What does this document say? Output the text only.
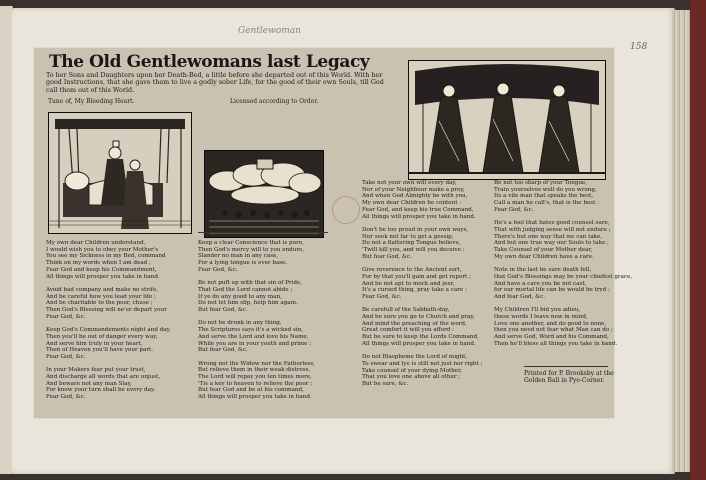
Gentlewoman
158
The Old Gentlewomans last Legacy
To her Sons and Daughters upon her Death-Bed, a little before she departed out of this World. With her good Instructions, that she gave them to live a godly sober Life, for the good of their own Souls, till God call them out of this World.
Tune of, My Bleeding Heart.	Licensed according to Order.
My own dear Children understand,
I would wish you to obey your Mother's
You see my Sickness in my Bed, command
Think on my words when I am dead ;
Fear God and keep his Commandment,
All things will prosper you take in hand.

Avoid bad company and make no strife,
And be careful how you lead your life ;
And be charitable to the poor, chuse ;
Then God's Blessing will ne'er depart your
Fear God, &c.

Keep God's Commandements night and day,
Then you'll be out of danger every way,
And serve him truly in your heart,
Then of Heaven you'll have your part.
Fear God, &c.

In your Makers fear put your trust,
And discharge all words that are unjust,
And beware not any man Slay,
For know your turn shall be every day.
Fear God, &c.
Keep a clear Conscience that is pure,
Then God's mercy will to you endure,
Slander no man in any case,
For a lying tongue is ever base.
Fear God, &c.

Be not puft up with that sin of Pride,
That God the Lord cannot abide ;
If ye do any good to any man,
Do not let him slip, help him again.
But fear God, &c.

Do not be drunk in any thing,
The Scriptures says it's a wicked sin,
And serve the Lord and love his Name,
While you are in your youth and prime :
But fear God, &c.

Wrong not the Widow nor the Fatherless,
But relieve them in their weak distress,
The Lord will repay you ten times more,
'Tis a key to heaven to relieve the poor ;
But fear God and be at his command,
All things will prosper you take in hand.
Take not your own will every day,
Nor of your Neighbour make a prey,
And when God Almighty be with you,
My own dear Children be content :
Fear God, and keep his true Command,
All things will prosper you take in hand.

Don't be too proud in your own ways,
Nor seek not far to get a gossip,
Do not a flattering Tongue believe,
'Twill kill you, and will you deceive :
But fear God, &c.

Give reverence to the Ancient sort,
For by that you'll gain and get report ;
And be not apt to mock and jeer,
It's a cursed thing, pray take a care :
Fear God, &c.

Be carefull of the Sabbath-day,
And be sure you go to Church and pray,
And mind the preaching of the word,
Great comfort it will you afford :
But be sure to keep the Lords Command,
All things will prosper you take in hand.

Do not Blaspheme the Lord of might,
To swear and lye is still not just nor right ;
Take counsel of your dying Mother,
That you love one above all other ;
But be sure, &c.
Be not too sharp of your Tongue,
Train yourselves well do you wrong,
Its a vile man that speaks the best,
Call a man he call's, that is the best :
Fear God, &c.

He's a fool that hates good counsel sure,
That with judging sense will not endure ;
There's but one way that we can take,
And but one true way our Souls to take ;
Take Counsel of your Mother dear,
My own dear Children have a care.

Note in the last be sure death fell,
that God's Blessings may be your chiefest grace,
And have a care you be not cast,
for our mortal life can be would be tryd ;
And fear God, &c.

My Children I'll bid you adieu,
these words I leave now in mind,
Love one another, and do good to none,
then you need not fear what Man can do ;
And serve God, Word and his Command,
Then he'll bless all things you take in hand.
Printed for P. Brooksby at the Golden Ball in Pye-Corner.
